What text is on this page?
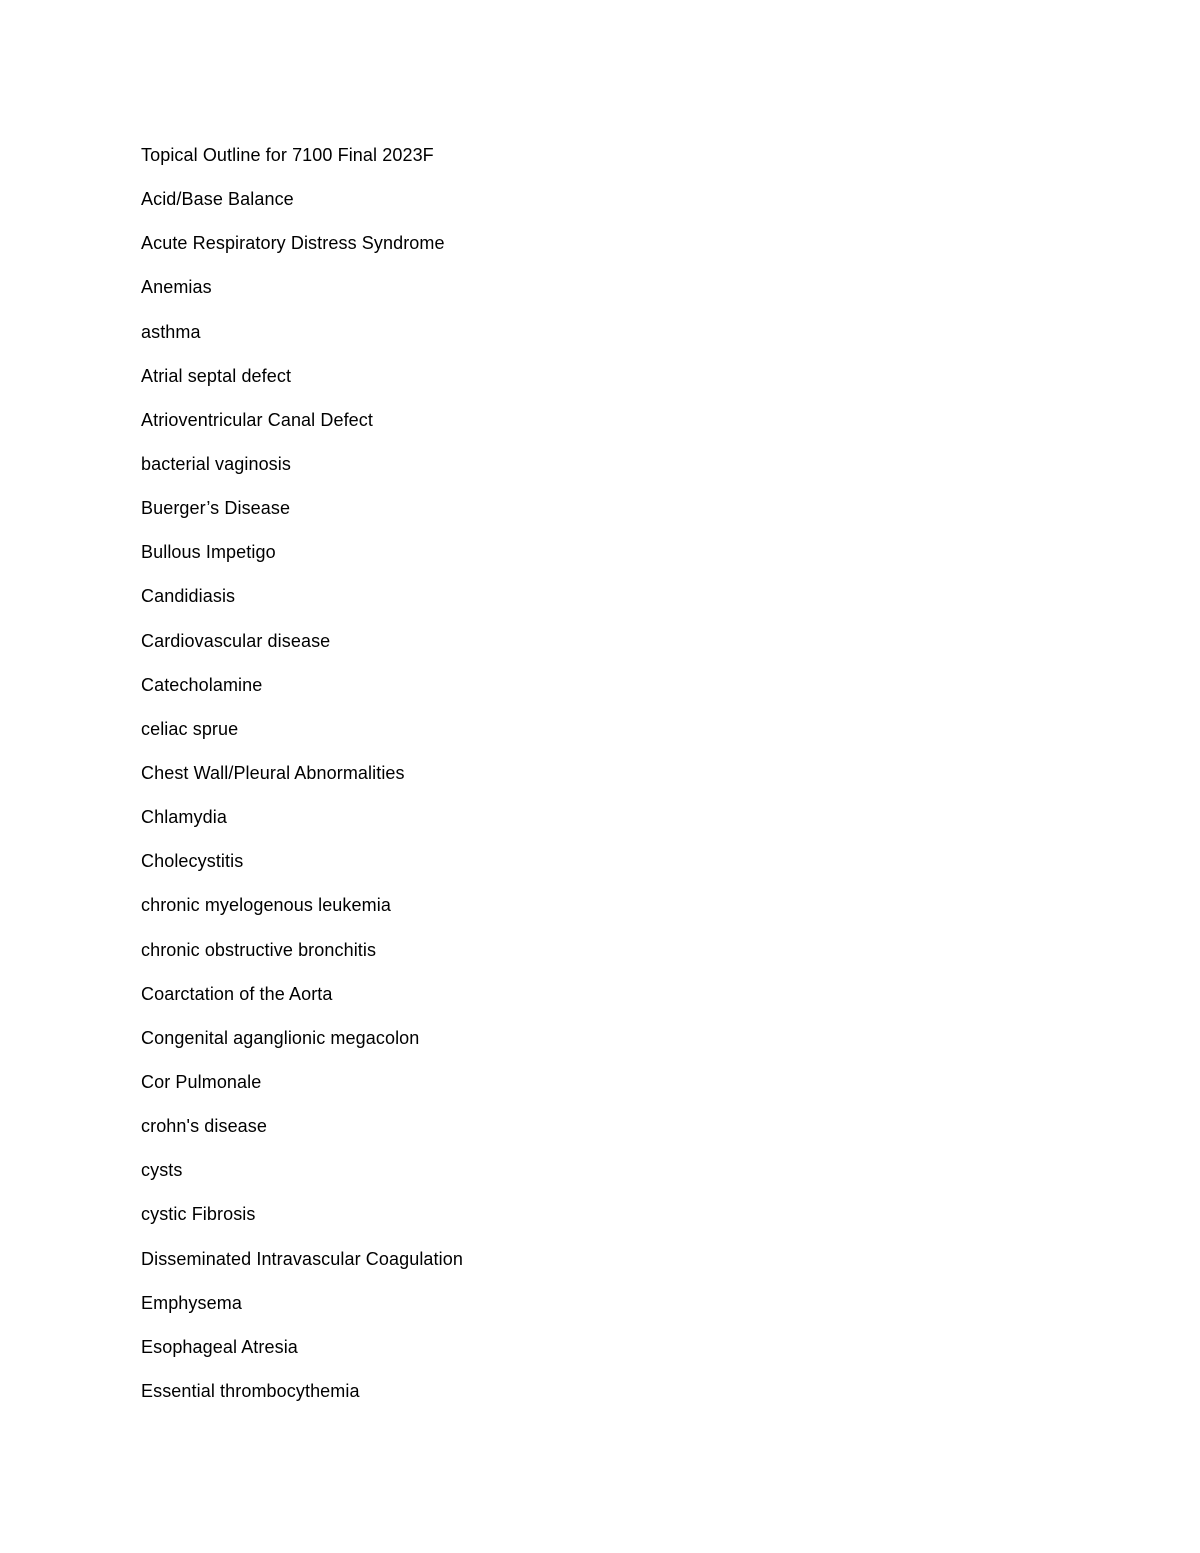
Topical Outline for 7100 Final 2023F
Acid/Base Balance
Acute Respiratory Distress Syndrome
Anemias
asthma
Atrial septal defect
Atrioventricular Canal Defect
bacterial vaginosis
Buerger’s Disease
Bullous Impetigo
Candidiasis
Cardiovascular disease
Catecholamine
celiac sprue
Chest Wall/Pleural Abnormalities
Chlamydia
Cholecystitis
chronic myelogenous leukemia
chronic obstructive bronchitis
Coarctation of the Aorta
Congenital aganglionic megacolon
Cor Pulmonale
crohn's disease
cysts
cystic Fibrosis
Disseminated Intravascular Coagulation
Emphysema
Esophageal Atresia
Essential thrombocythemia
